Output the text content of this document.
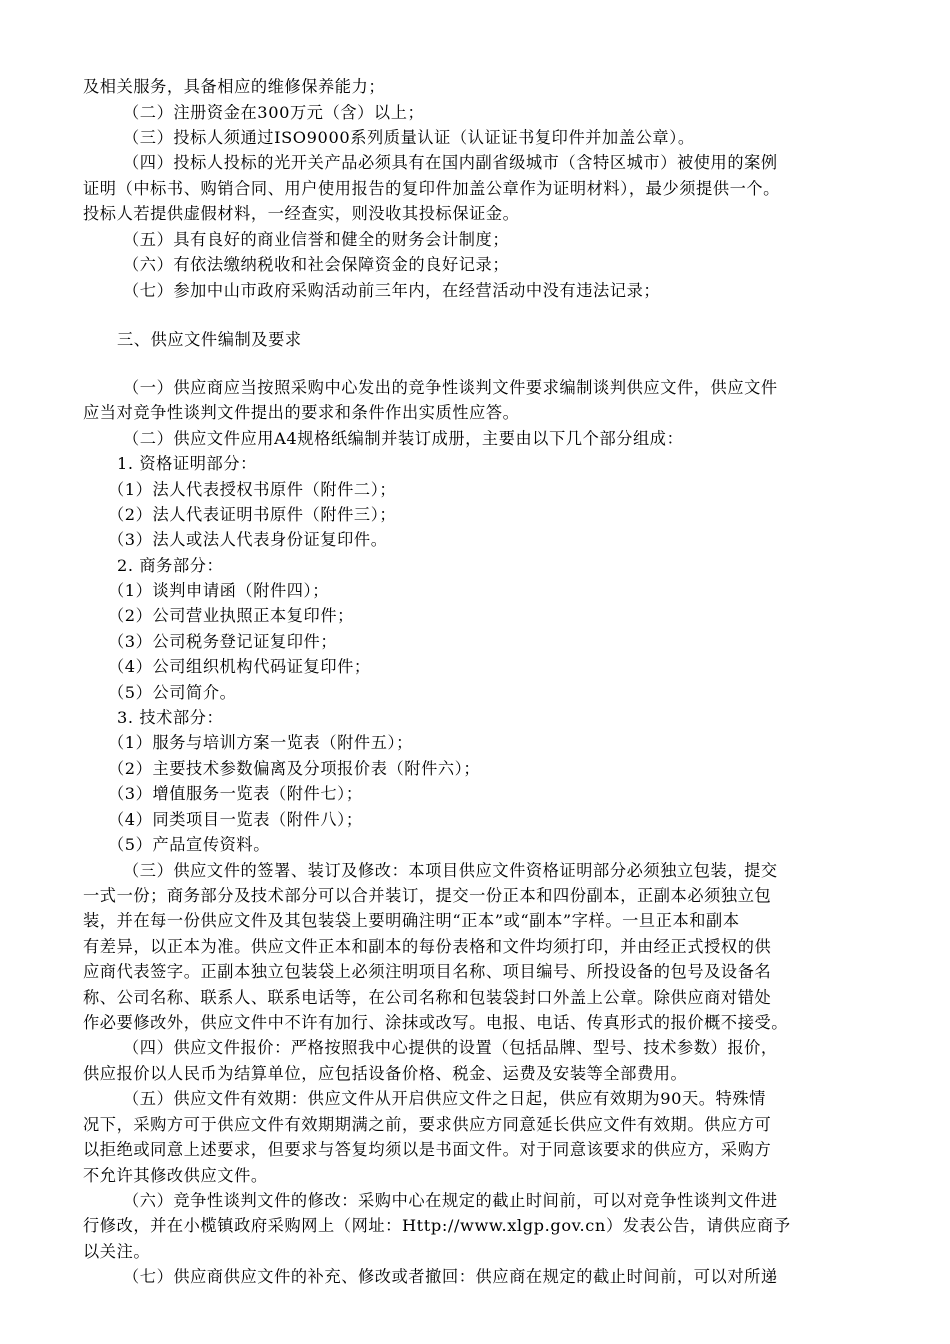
及相关服务，具备相应的维修保养能力；
（二）注册资金在300万元（含）以上；
（三）投标人须通过ISO9000系列质量认证（认证证书复印件并加盖公章）。
（四）投标人投标的光开关产品必须具有在国内副省级城市（含特区城市）被使用的案例
证明（中标书、购销合同、用户使用报告的复印件加盖公章作为证明材料），最少须提供一个。
投标人若提供虚假材料，一经查实，则没收其投标保证金。
（五）具有良好的商业信誉和健全的财务会计制度；
（六）有依法缴纳税收和社会保障资金的良好记录；
（七）参加中山市政府采购活动前三年内，在经营活动中没有违法记录；
三、供应文件编制及要求
（一）供应商应当按照采购中心发出的竞争性谈判文件要求编制谈判供应文件，供应文件
应当对竞争性谈判文件提出的要求和条件作出实质性应答。
（二）供应文件应用A4规格纸编制并装订成册，主要由以下几个部分组成：
1. 资格证明部分：
（1）法人代表授权书原件（附件二）；
（2）法人代表证明书原件（附件三）；
（3）法人或法人代表身份证复印件。
2. 商务部分：
（1）谈判申请函（附件四）；
（2）公司营业执照正本复印件；
（3）公司税务登记证复印件；
（4）公司组织机构代码证复印件；
（5）公司简介。
3. 技术部分：
（1）服务与培训方案一览表（附件五）；
（2）主要技术参数偏离及分项报价表（附件六）；
（3）增值服务一览表（附件七）；
（4）同类项目一览表（附件八）；
（5）产品宣传资料。
（三）供应文件的签署、装订及修改：本项目供应文件资格证明部分必须独立包装，提交
一式一份；商务部分及技术部分可以合并装订，提交一份正本和四份副本，正副本必须独立包
装，并在每一份供应文件及其包装袋上要明确注明“正本”或“副本”字样。一旦正本和副本
有差异，以正本为准。供应文件正本和副本的每份表格和文件均须打印，并由经正式授权的供
应商代表签字。正副本独立包装袋上必须注明项目名称、项目编号、所投设备的包号及设备名
称、公司名称、联系人、联系电话等，在公司名称和包装袋封口外盖上公章。除供应商对错处
作必要修改外，供应文件中不许有加行、涂抹或改写。电报、电话、传真形式的报价概不接受。
（四）供应文件报价：严格按照我中心提供的设置（包括品牌、型号、技术参数）报价，
供应报价以人民币为结算单位，应包括设备价格、税金、运费及安装等全部费用。
（五）供应文件有效期：供应文件从开启供应文件之日起，供应有效期为90天。特殊情
况下，采购方可于供应文件有效期期满之前，要求供应方同意延长供应文件有效期。供应方可
以拒绝或同意上述要求，但要求与答复均须以是书面文件。对于同意该要求的供应方，采购方
不允许其修改供应文件。
（六）竞争性谈判文件的修改：采购中心在规定的截止时间前，可以对竞争性谈判文件进
行修改，并在小榄镇政府采购网上（网址：Http://www.xlgp.gov.cn）发表公告，请供应商予
以关注。
（七）供应商供应文件的补充、修改或者撤回：供应商在规定的截止时间前，可以对所递
